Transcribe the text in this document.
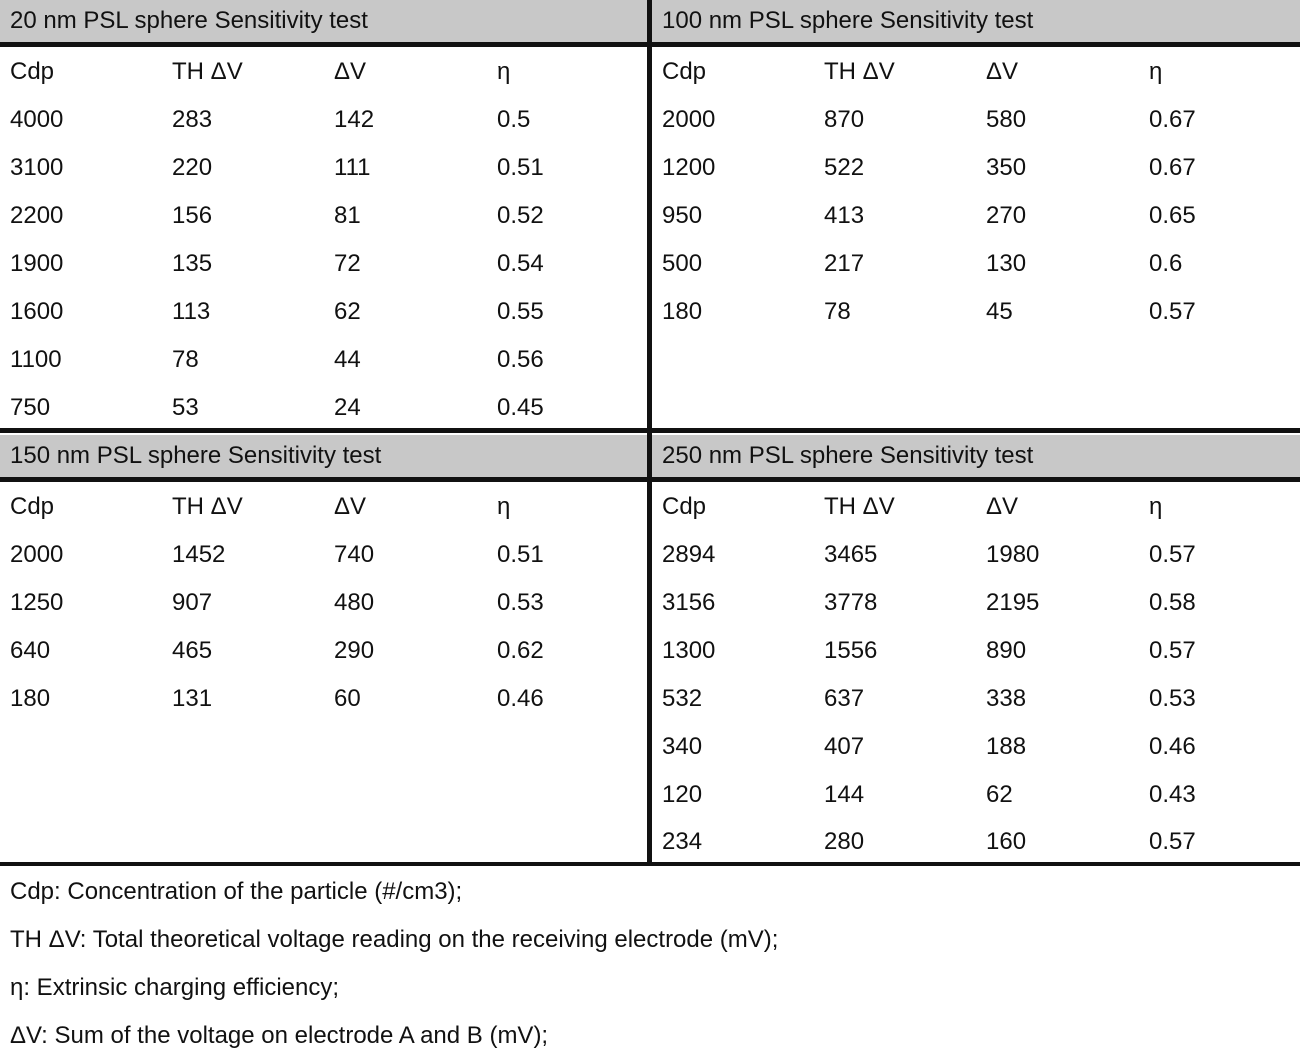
20 nm PSL sphere Sensitivity test
Cdp	TH ΔV	ΔV	η
4000	283	142	0.5
3100	220	111	0.51
2200	156	81	0.52
1900	135	72	0.54
1600	113	62	0.55
1100	78	44	0.56
750	53	24	0.45
100 nm PSL sphere Sensitivity test
Cdp	TH ΔV	ΔV	η
2000	870	580	0.67
1200	522	350	0.67
950	413	270	0.65
500	217	130	0.6
180	78	45	0.57
150 nm PSL sphere Sensitivity test
Cdp	TH ΔV	ΔV	η
2000	1452	740	0.51
1250	907	480	0.53
640	465	290	0.62
180	131	60	0.46
250 nm PSL sphere Sensitivity test
Cdp	TH ΔV	ΔV	η
2894	3465	1980	0.57
3156	3778	2195	0.58
1300	1556	890	0.57
532	637	338	0.53
340	407	188	0.46
120	144	62	0.43
234	280	160	0.57
Cdp: Concentration of the particle (#/cm3);
TH ΔV: Total theoretical voltage reading on the receiving electrode (mV);
η: Extrinsic charging efficiency;
ΔV: Sum of the voltage on electrode A and B (mV);
